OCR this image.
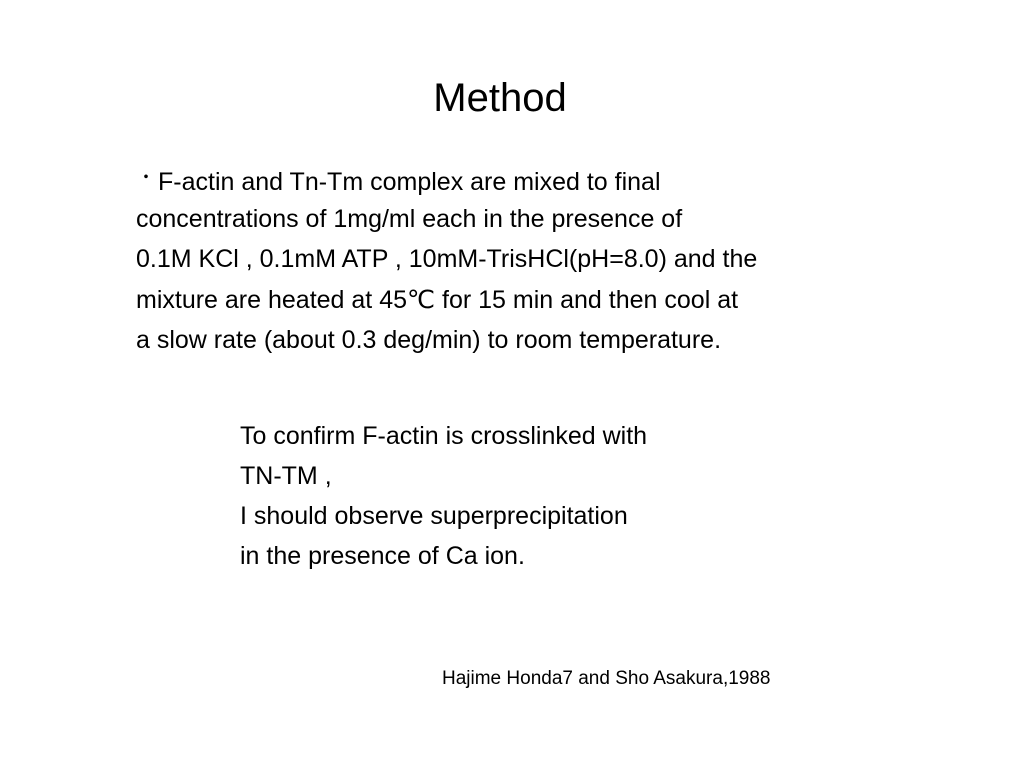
Method
・F-actin and Tn-Tm complex are mixed to final
concentrations of 1mg/ml each in the presence of
0.1M KCl , 0.1mM ATP , 10mM-TrisHCl(pH=8.0) and the
mixture are heated at 45℃ for 15 min and then cool at
a slow rate (about 0.3 deg/min) to room temperature.
To confirm F-actin is crosslinked with
TN-TM ,
I should observe superprecipitation
in the presence of Ca ion.
Hajime Honda7 and Sho Asakura,1988
